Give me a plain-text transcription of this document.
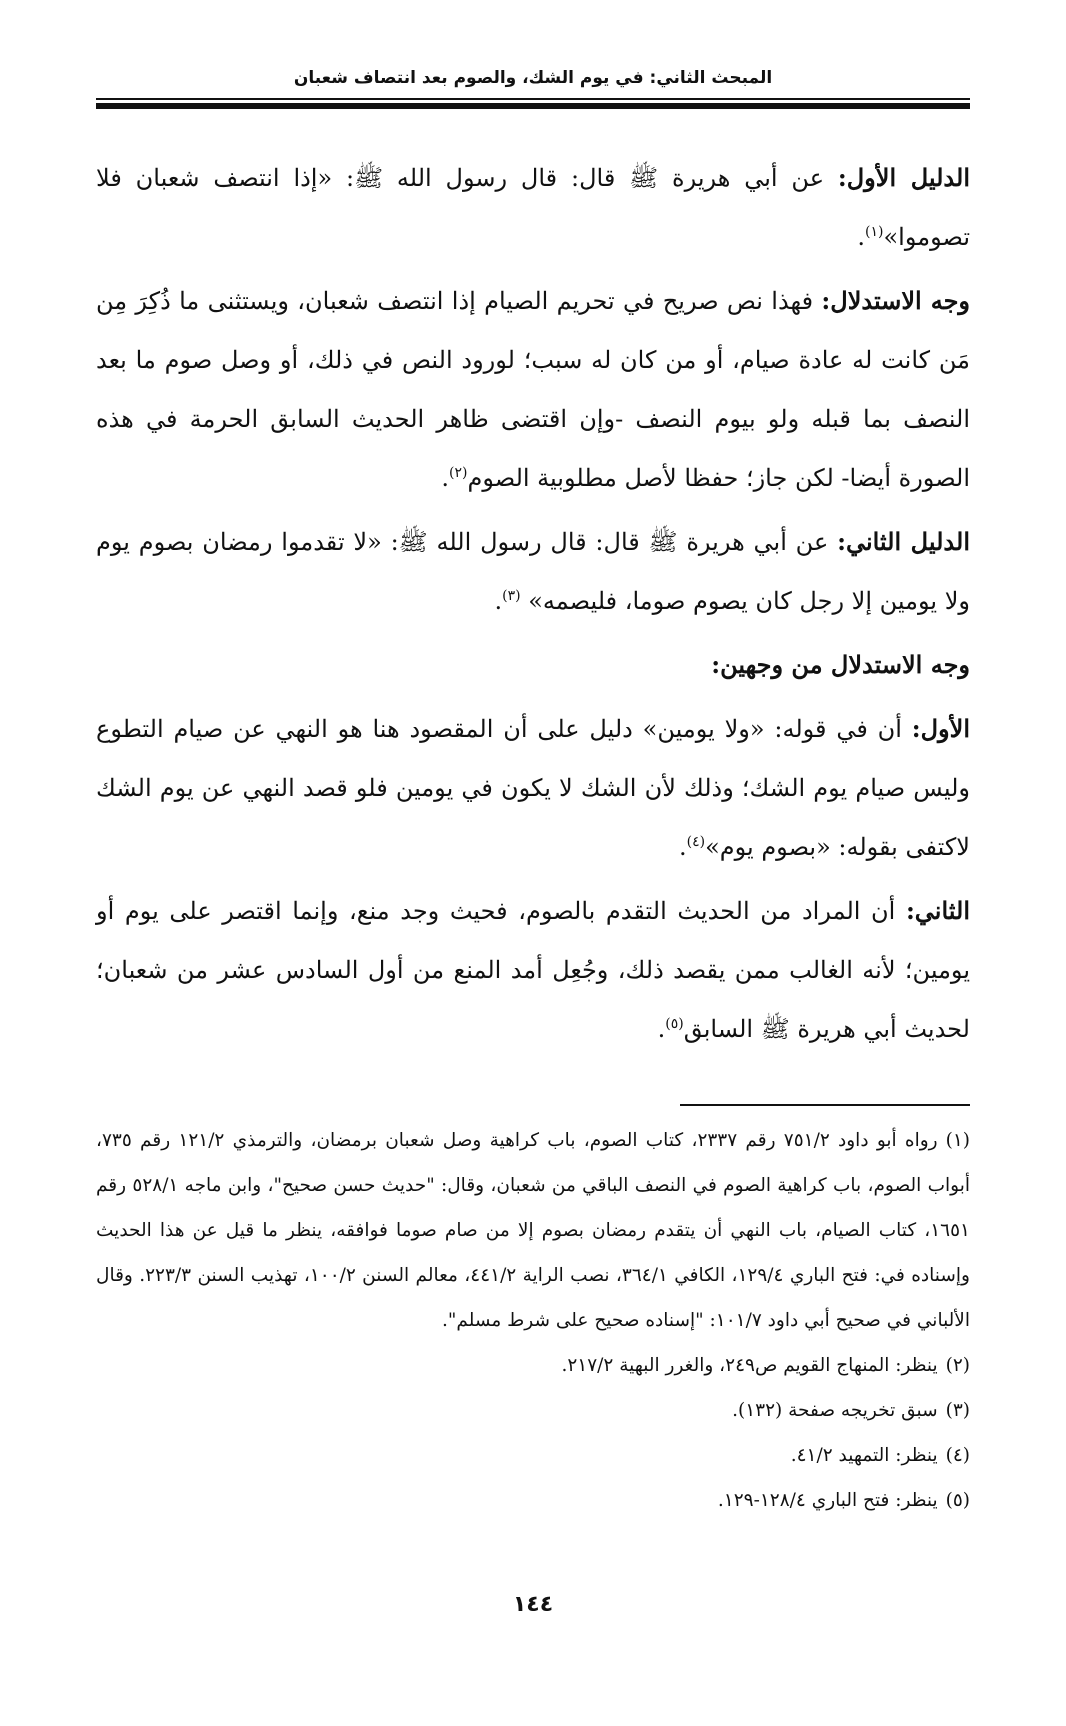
المبحث الثاني: في يوم الشك، والصوم بعد انتصاف شعبان

الدليل الأول: عن أبي هريرة ﷺ قال: قال رسول الله ﷺ: «إذا انتصف شعبان فلا تصوموا»$^{(١)}$.

وجه الاستدلال: فهذا نص صريح في تحريم الصيام إذا انتصف شعبان، ويستثنى ما ذُكِرَ مِن مَن كانت له عادة صيام، أو من كان له سبب؛ لورود النص في ذلك، أو وصل صوم ما بعد النصف بما قبله ولو بيوم النصف -وإن اقتضى ظاهر الحديث السابق الحرمة في هذه الصورة أيضا- لكن جاز؛ حفظا لأصل مطلوبية الصوم$^{(٢)}$.

الدليل الثاني: عن أبي هريرة ﷺ قال: قال رسول الله ﷺ: «لا تقدموا رمضان بصوم يوم ولا يومين إلا رجل كان يصوم صوما، فليصمه» $^{(٣)}$.

وجه الاستدلال من وجهين:

الأول: أن في قوله: «ولا يومين» دليل على أن المقصود هنا هو النهي عن صيام التطوع وليس صيام يوم الشك؛ وذلك لأن الشك لا يكون في يومين فلو قصد النهي عن يوم الشك لاكتفى بقوله: «بصوم يوم»$^{(٤)}$.

الثاني: أن المراد من الحديث التقدم بالصوم، فحيث وجد منع، وإنما اقتصر على يوم أو يومين؛ لأنه الغالب ممن يقصد ذلك، وجُعِل أمد المنع من أول السادس عشر من شعبان؛ لحديث أبي هريرة ﷺ السابق$^{(٥)}$.

(١)رواه أبو داود ٧٥١/٢ رقم ٢٣٣٧، كتاب الصوم، باب كراهية وصل شعبان برمضان، والترمذي ١٢١/٢ رقم ٧٣٥، أبواب الصوم، باب كراهية الصوم في النصف الباقي من شعبان، وقال: "حديث حسن صحيح"، وابن ماجه ٥٢٨/١ رقم ١٦٥١، كتاب الصيام، باب النهي أن يتقدم رمضان بصوم إلا من صام صوما فوافقه، ينظر ما قيل عن هذا الحديث وإسناده في: فتح الباري ١٢٩/٤، الكافي ٣٦٤/١، نصب الراية ٤٤١/٢، معالم السنن ١٠٠/٢، تهذيب السنن ٢٢٣/٣. وقال الألباني في صحيح أبي داود ١٠١/٧: "إسناده صحيح على شرط مسلم".

(٢)ينظر: المنهاج القويم ص٢٤٩، والغرر البهية ٢١٧/٢.

(٣)سبق تخريجه صفحة (١٣٢).

(٤)ينظر: التمهيد ٤١/٢.

(٥)ينظر: فتح الباري ١٢٨/٤-١٢٩.

١٤٤
